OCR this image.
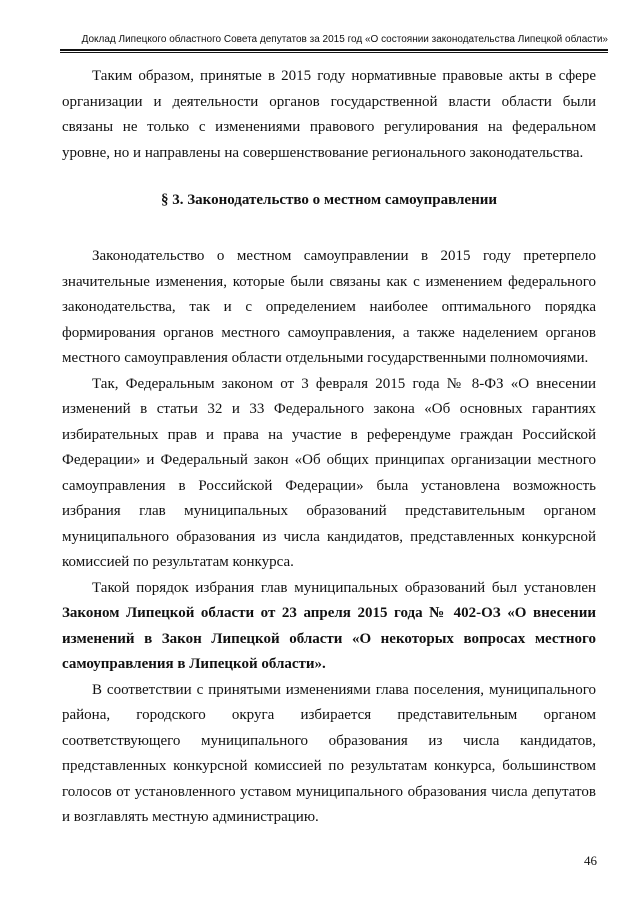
Доклад Липецкого областного Совета депутатов за 2015 год «О состоянии законодательства Липецкой области»

Таким образом, принятые в 2015 году нормативные правовые акты в сфере организации и деятельности органов государственной власти области были связаны не только с изменениями правового регулирования на федеральном уровне, но и направлены на совершенствование регионального законодательства.

§ 3. Законодательство о местном самоуправлении

Законодательство о местном самоуправлении в 2015 году претерпело значительные изменения, которые были связаны как с изменением федерального законодательства, так и с определением наиболее оптимального порядка формирования органов местного самоуправления, а также наделением органов местного самоуправления области отдельными государственными полномочиями.

Так, Федеральным законом от 3 февраля 2015 года № 8-ФЗ «О внесении изменений в статьи 32 и 33 Федерального закона «Об основных гарантиях избирательных прав и права на участие в референдуме граждан Российской Федерации» и Федеральный закон «Об общих принципах организации местного самоуправления в Российской Федерации» была установлена возможность избрания глав муниципальных образований представительным органом муниципального образования из числа кандидатов, представленных конкурсной комиссией по результатам конкурса.

Такой порядок избрания глав муниципальных образований был установлен Законом Липецкой области от 23 апреля 2015 года № 402-ОЗ «О внесении изменений в Закон Липецкой области «О некоторых вопросах местного самоуправления в Липецкой области».

В соответствии с принятыми изменениями глава поселения, муниципального района, городского округа избирается представительным органом соответствующего муниципального образования из числа кандидатов, представленных конкурсной комиссией по результатам конкурса, большинством голосов от установленного уставом муниципального образования числа депутатов и возглавлять местную администрацию.

46
